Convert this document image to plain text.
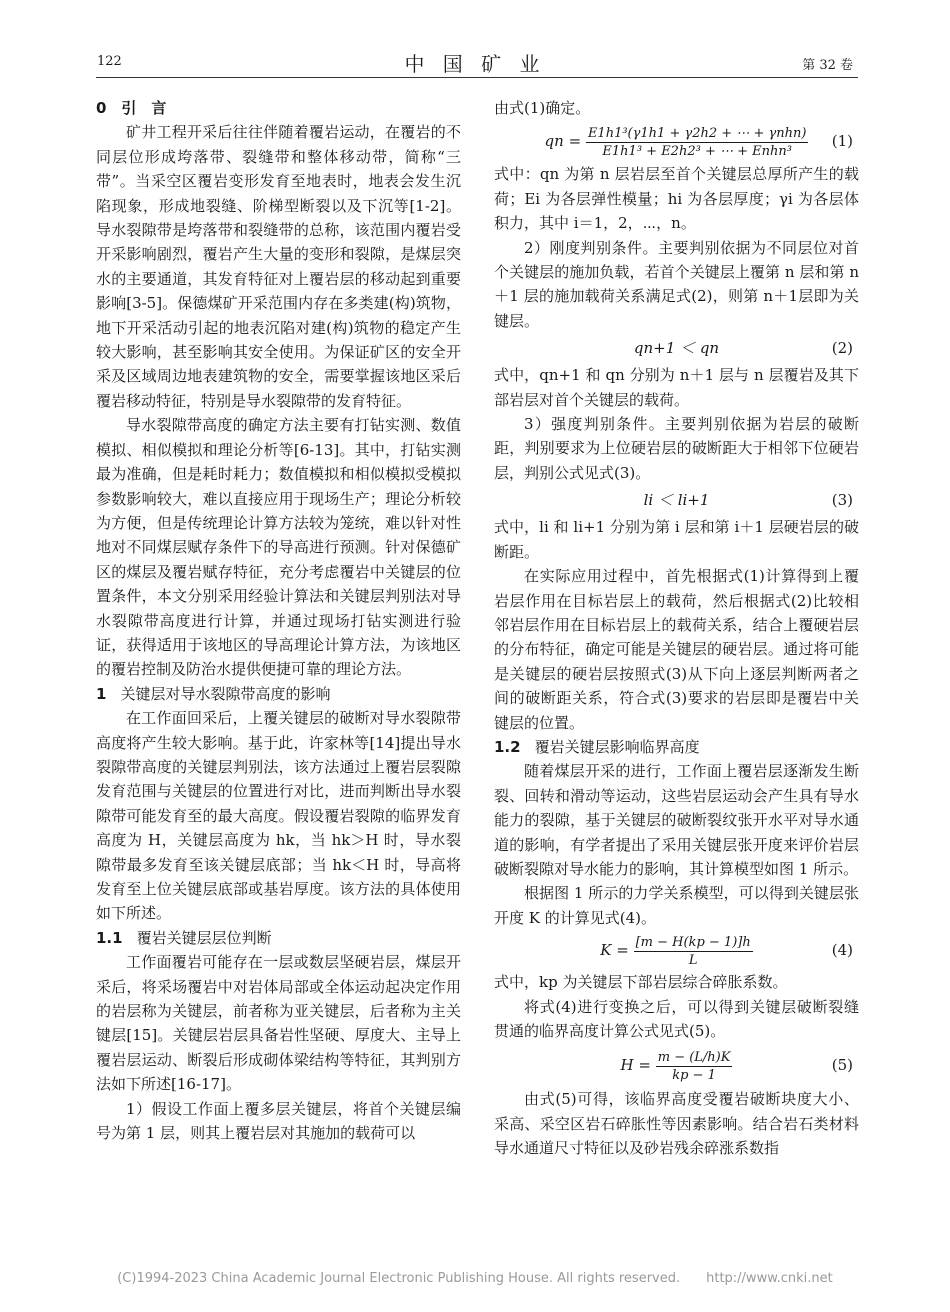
122	中 国 矿 业	第 32 卷

0　引　言

矿井工程开采后往往伴随着覆岩运动，在覆岩的不同层位形成垮落带、裂缝带和整体移动带，简称“三带”。当采空区覆岩变形发育至地表时，地表会发生沉陷现象，形成地裂缝、阶梯型断裂以及下沉等[1-2]。导水裂隙带是垮落带和裂缝带的总称，该范围内覆岩受开采影响剧烈，覆岩产生大量的变形和裂隙，是煤层突水的主要通道，其发育特征对上覆岩层的移动起到重要影响[3-5]。保德煤矿开采范围内存在多类建(构)筑物，地下开采活动引起的地表沉陷对建(构)筑物的稳定产生较大影响，甚至影响其安全使用。为保证矿区的安全开采及区域周边地表建筑物的安全，需要掌握该地区采后覆岩移动特征，特别是导水裂隙带的发育特征。

导水裂隙带高度的确定方法主要有打钻实测、数值模拟、相似模拟和理论分析等[6-13]。其中，打钻实测最为准确，但是耗时耗力；数值模拟和相似模拟受模拟参数影响较大，难以直接应用于现场生产；理论分析较为方便，但是传统理论计算方法较为笼统，难以针对性地对不同煤层赋存条件下的导高进行预测。针对保德矿区的煤层及覆岩赋存特征，充分考虑覆岩中关键层的位置条件，本文分别采用经验计算法和关键层判别法对导水裂隙带高度进行计算，并通过现场打钻实测进行验证，获得适用于该地区的导高理论计算方法，为该地区的覆岩控制及防治水提供便捷可靠的理论方法。

1 关键层对导水裂隙带高度的影响

在工作面回采后，上覆关键层的破断对导水裂隙带高度将产生较大影响。基于此，许家林等[14]提出导水裂隙带高度的关键层判别法，该方法通过上覆岩层裂隙发育范围与关键层的位置进行对比，进而判断出导水裂隙带可能发育至的最大高度。假设覆岩裂隙的临界发育高度为 H，关键层高度为 hk，当 hk＞H 时，导水裂隙带最多发育至该关键层底部；当 hk＜H 时，导高将发育至上位关键层底部或基岩厚度。该方法的具体使用如下所述。

1.1 覆岩关键层层位判断

工作面覆岩可能存在一层或数层坚硬岩层，煤层开采后，将采场覆岩中对岩体局部或全体运动起决定作用的岩层称为关键层，前者称为亚关键层，后者称为主关键层[15]。关键层岩层具备岩性坚硬、厚度大、主导上覆岩层运动、断裂后形成砌体梁结构等特征，其判别方法如下所述[16-17]。

1）假设工作面上覆多层关键层，将首个关键层编号为第 1 层，则其上覆岩层对其施加的载荷可以

由式(1)确定。

qn = $\frac{\text{E1h1³(γ1h1 + γ2h2 + ⋯ + γnhn)}}{\text{E1h1³ + E2h2³ + ⋯ + Enhn³}} (1)$

式中：qn 为第 n 层岩层至首个关键层总厚所产生的载荷；Ei 为各层弹性模量；hi 为各层厚度；γi 为各层体积力，其中 i＝1，2，⋯，n。

2）刚度判别条件。主要判别依据为不同层位对首个关键层的施加负载，若首个关键层上覆第 n 层和第 n＋1 层的施加载荷关系满足式(2)，则第 n＋1层即为关键层。

qn+1 ＜ qn	(2)

式中，qn+1 和 qn 分别为 n＋1 层与 n 层覆岩及其下部岩层对首个关键层的载荷。

3）强度判别条件。主要判别依据为岩层的破断距，判别要求为上位硬岩层的破断距大于相邻下位硬岩层，判别公式见式(3)。

li ＜ li+1	(3)

式中，li 和 li+1 分别为第 i 层和第 i＋1 层硬岩层的破断距。

在实际应用过程中，首先根据式(1)计算得到上覆岩层作用在目标岩层上的载荷，然后根据式(2)比较相邻岩层作用在目标岩层上的载荷关系，结合上覆硬岩层的分布特征，确定可能是关键层的硬岩层。通过将可能是关键层的硬岩层按照式(3)从下向上逐层判断两者之间的破断距关系，符合式(3)要求的岩层即是覆岩中关键层的位置。

1.2 覆岩关键层影响临界高度

随着煤层开采的进行，工作面上覆岩层逐渐发生断裂、回转和滑动等运动，这些岩层运动会产生具有导水能力的裂隙，基于关键层的破断裂纹张开水平对导水通道的影响，有学者提出了采用关键层张开度来评价岩层破断裂隙对导水能力的影响，其计算模型如图 1 所示。

根据图 1 所示的力学关系模型，可以得到关键层张开度 K 的计算见式(4)。

$K = \frac{[m - H(kp - 1)]h}{L}$	(4)

式中，kp 为关键层下部岩层综合碎胀系数。

将式(4)进行变换之后，可以得到关键层破断裂缝贯通的临界高度计算公式见式(5)。

$H = \frac{m - (L/h)K}{kp - 1}$	(5)

由式(5)可得，该临界高度受覆岩破断块度大小、采高、采空区岩石碎胀性等因素影响。结合岩石类材料导水通道尺寸特征以及砂岩残余碎涨系数指

(C)1994-2023 China Academic Journal Electronic Publishing House. All rights reserved.　　http://www.cnki.net
